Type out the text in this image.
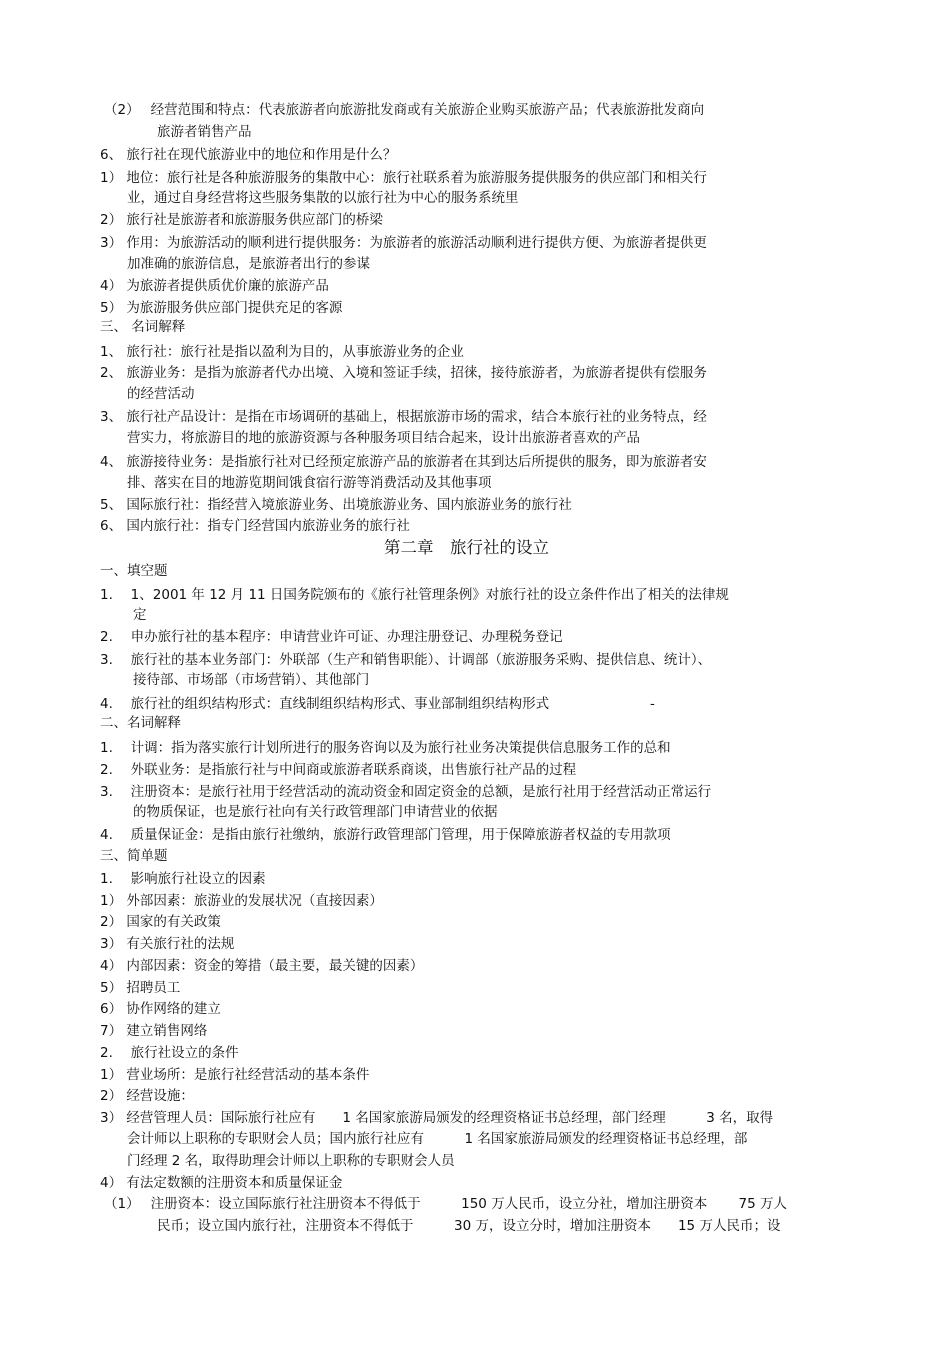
（2）　 经营范围和特点：代表旅游者向旅游批发商或有关旅游企业购买旅游产品；代表旅游批发商向
旅游者销售产品
6、 旅行社在现代旅游业中的地位和作用是什么？
1） 地位：旅行社是各种旅游服务的集散中心：旅行社联系着为旅游服务提供服务的供应部门和相关行
业，通过自身经营将这些服务集散的以旅行社为中心的服务系统里
2） 旅行社是旅游者和旅游服务供应部门的桥梁
3） 作用：为旅游活动的顺利进行提供服务：为旅游者的旅游活动顺利进行提供方便、为旅游者提供更
加准确的旅游信息，是旅游者出行的参谋
4） 为旅游者提供质优价廉的旅游产品
5） 为旅游服务供应部门提供充足的客源
三、 名词解释
1、 旅行社：旅行社是指以盈利为目的，从事旅游业务的企业
2、 旅游业务：是指为旅游者代办出境、入境和签证手续，招徕，接待旅游者，为旅游者提供有偿服务
的经营活动
3、 旅行社产品设计：是指在市场调研的基础上，根据旅游市场的需求，结合本旅行社的业务特点，经
营实力，将旅游目的地的旅游资源与各种服务项目结合起来，设计出旅游者喜欢的产品
4、 旅游接待业务：是指旅行社对已经预定旅游产品的旅游者在其到达后所提供的服务，即为旅游者安
排、落实在目的地游览期间饿食宿行游等消费活动及其他事项
5、 国际旅行社：指经营入境旅游业务、出境旅游业务、国内旅游业务的旅行社
6、 国内旅行社：指专门经营国内旅游业务的旅行社
第二章　旅行社的设立
一、填空题
1.　 1、2001 年 12 月 11 日国务院颁布的《旅行社管理条例》对旅行社的设立条件作出了相关的法律规
定
2.　 申办旅行社的基本程序：申请营业许可证、办理注册登记、办理税务登记
3.　 旅行社的基本业务部门：外联部（生产和销售职能）、计调部（旅游服务采购、提供信息、统计）、
接待部、市场部（市场营销）、其他部门
4.　 旅行社的组织结构形式：直线制组织结构形式、事业部制组织结构形式	-
二、名词解释
1.　 计调：指为落实旅行计划所进行的服务咨询以及为旅行社业务决策提供信息服务工作的总和
2.　 外联业务：是指旅行社与中间商或旅游者联系商谈，出售旅行社产品的过程
3.　 注册资本：是旅行社用于经营活动的流动资金和固定资金的总额，是旅行社用于经营活动正常运行
的物质保证，也是旅行社向有关行政管理部门申请营业的依据
4.　 质量保证金：是指由旅行社缴纳，旅游行政管理部门管理，用于保障旅游者权益的专用款项
三、简单题
1.　 影响旅行社设立的因素
1） 外部因素：旅游业的发展状况（直接因素）
2） 国家的有关政策
3） 有关旅行社的法规
4） 内部因素：资金的筹措（最主要，最关键的因素）
5） 招聘员工
6） 协作网络的建立
7） 建立销售网络
2.　 旅行社设立的条件
1） 营业场所：是旅行社经营活动的基本条件
2） 经营设施：
3） 经营管理人员：国际旅行社应有　　1 名国家旅游局颁发的经理资格证书总经理，部门经理　　　3 名，取得
会计师以上职称的专职财会人员；国内旅行社应有　　　1 名国家旅游局颁发的经理资格证书总经理，部
门经理 2 名，取得助理会计师以上职称的专职财会人员
4） 有法定数额的注册资本和质量保证金
（1）　 注册资本：设立国际旅行社注册资本不得低于　　　150 万人民币，设立分社，增加注册资本　　 75 万人
民币；设立国内旅行社，注册资本不得低于　　　30 万，设立分时，增加注册资本　　15 万人民币；设
